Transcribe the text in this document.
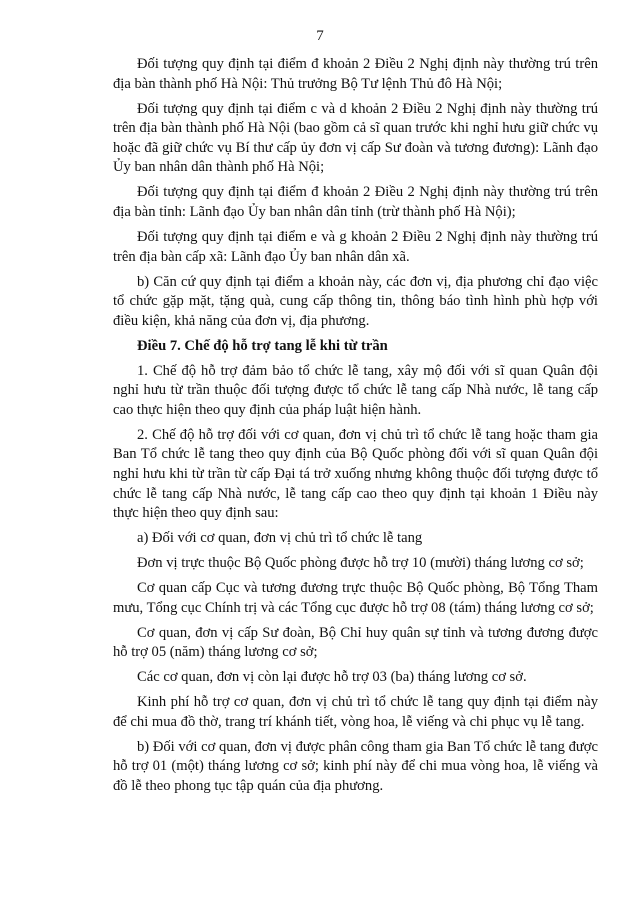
7

Đối tượng quy định tại điểm đ khoản 2 Điều 2 Nghị định này thường trú trên địa bàn thành phố Hà Nội: Thủ trưởng Bộ Tư lệnh Thủ đô Hà Nội;

Đối tượng quy định tại điểm c và d khoản 2 Điều 2 Nghị định này thường trú trên địa bàn thành phố Hà Nội (bao gồm cả sĩ quan trước khi nghỉ hưu giữ chức vụ hoặc đã giữ chức vụ Bí thư cấp ủy đơn vị cấp Sư đoàn và tương đương): Lãnh đạo Ủy ban nhân dân thành phố Hà Nội;

Đối tượng quy định tại điểm đ khoản 2 Điều 2 Nghị định này thường trú trên địa bàn tỉnh: Lãnh đạo Ủy ban nhân dân tỉnh (trừ thành phố Hà Nội);

Đối tượng quy định tại điểm e và g khoản 2 Điều 2 Nghị định này thường trú trên địa bàn cấp xã: Lãnh đạo Ủy ban nhân dân xã.

b) Căn cứ quy định tại điểm a khoản này, các đơn vị, địa phương chỉ đạo việc tổ chức gặp mặt, tặng quà, cung cấp thông tin, thông báo tình hình phù hợp với điều kiện, khả năng của đơn vị, địa phương.

Điều 7. Chế độ hỗ trợ tang lễ khi từ trần

1. Chế độ hỗ trợ đảm bảo tổ chức lễ tang, xây mộ đối với sĩ quan Quân đội nghỉ hưu từ trần thuộc đối tượng được tổ chức lễ tang cấp Nhà nước, lễ tang cấp cao thực hiện theo quy định của pháp luật hiện hành.

2. Chế độ hỗ trợ đối với cơ quan, đơn vị chủ trì tổ chức lễ tang hoặc tham gia Ban Tổ chức lễ tang theo quy định của Bộ Quốc phòng đối với sĩ quan Quân đội nghỉ hưu khi từ trần từ cấp Đại tá trở xuống nhưng không thuộc đối tượng được tổ chức lễ tang cấp Nhà nước, lễ tang cấp cao theo quy định tại khoản 1 Điều này thực hiện theo quy định sau:

a) Đối với cơ quan, đơn vị chủ trì tổ chức lễ tang

Đơn vị trực thuộc Bộ Quốc phòng được hỗ trợ 10 (mười) tháng lương cơ sở;

Cơ quan cấp Cục và tương đương trực thuộc Bộ Quốc phòng, Bộ Tổng Tham mưu, Tổng cục Chính trị và các Tổng cục được hỗ trợ 08 (tám) tháng lương cơ sở;

Cơ quan, đơn vị cấp Sư đoàn, Bộ Chỉ huy quân sự tỉnh và tương đương được hỗ trợ 05 (năm) tháng lương cơ sở;

Các cơ quan, đơn vị còn lại được hỗ trợ 03 (ba) tháng lương cơ sở.

Kinh phí hỗ trợ cơ quan, đơn vị chủ trì tổ chức lễ tang quy định tại điểm này để chi mua đồ thờ, trang trí khánh tiết, vòng hoa, lễ viếng và chi phục vụ lễ tang.

b) Đối với cơ quan, đơn vị được phân công tham gia Ban Tổ chức lễ tang được hỗ trợ 01 (một) tháng lương cơ sở; kinh phí này để chi mua vòng hoa, lễ viếng và đồ lễ theo phong tục tập quán của địa phương.
